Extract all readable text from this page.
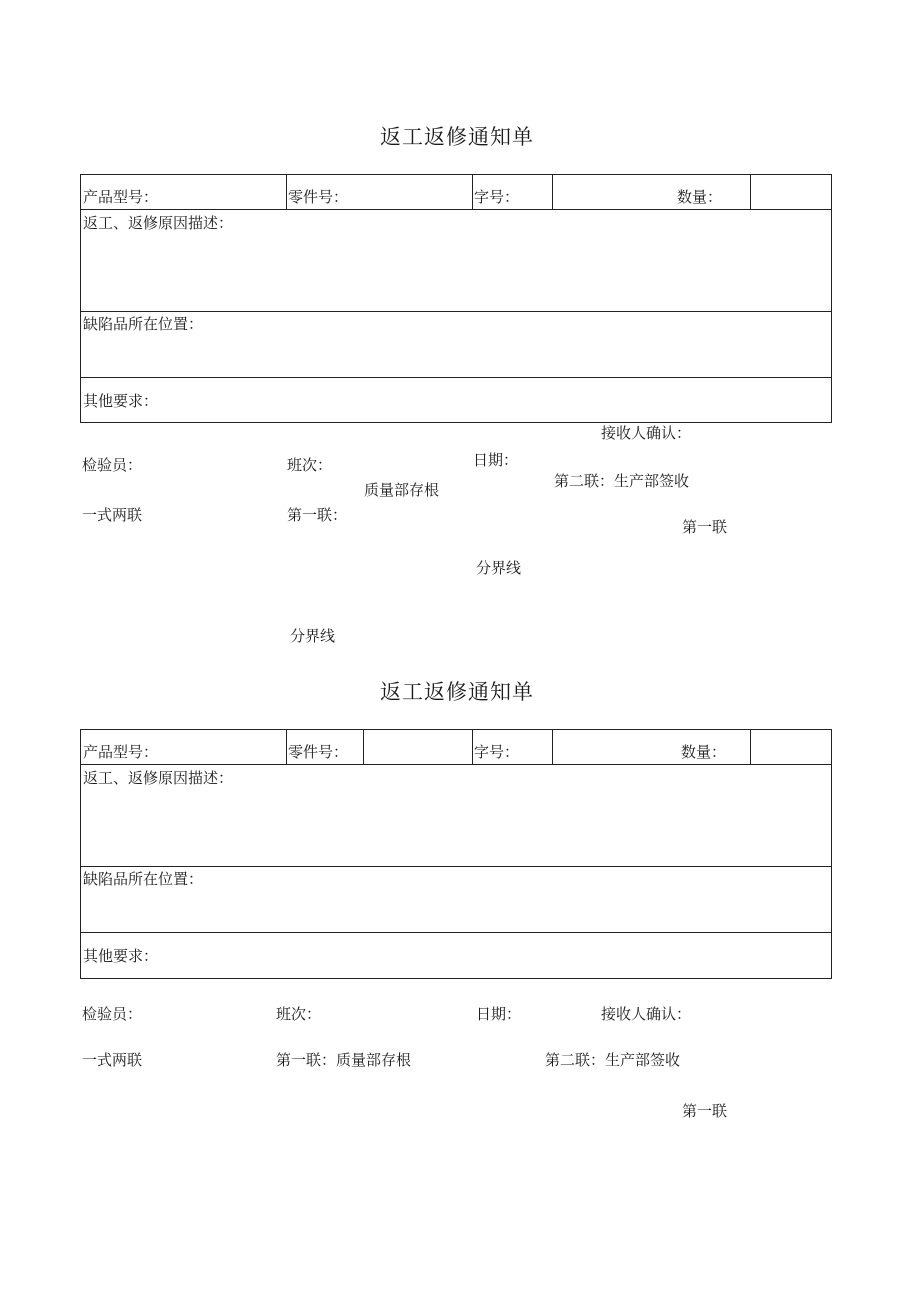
返工返修通知单
产品型号：	零件号：	字号：	数量：
返工、返修原因描述：
缺陷品所在位置：
其他要求：
接收人确认：
检验员：	班次：	日期：
质量部存根	第二联：生产部签收
一式两联	第一联：
第一联
分界线
分界线
返工返修通知单
产品型号：	零件号：	字号：	数量：
返工、返修原因描述：
缺陷品所在位置：
其他要求：
检验员：	班次：	日期：	接收人确认：
一式两联	第一联：质量部存根	第二联：生产部签收
第一联
